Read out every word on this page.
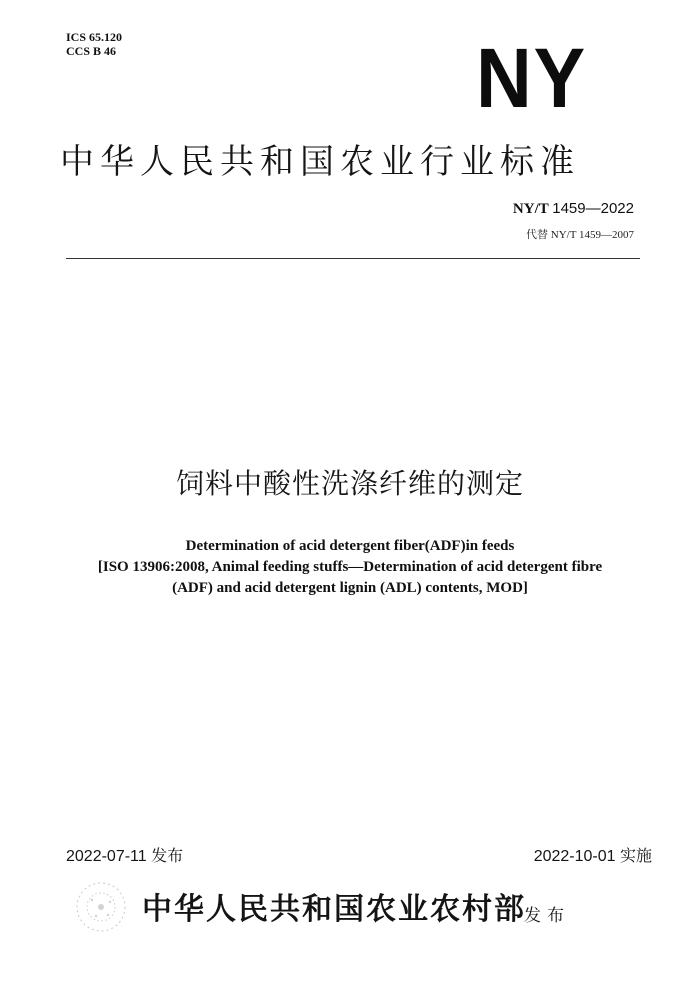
ICS 65.120
CCS B 46	NY
中华人民共和国农业行业标准
NY/T 1459—2022
代替 NY/T 1459—2007
饲料中酸性洗涤纤维的测定
Determination of acid detergent fiber(ADF)in feeds
[ISO 13906:2008, Animal feeding stuffs—Determination of acid detergent fibre
(ADF) and acid detergent lignin (ADL) contents, MOD]
2022-07-11 发布	2022-10-01 实施
中华人民共和国农业农村部
发布
